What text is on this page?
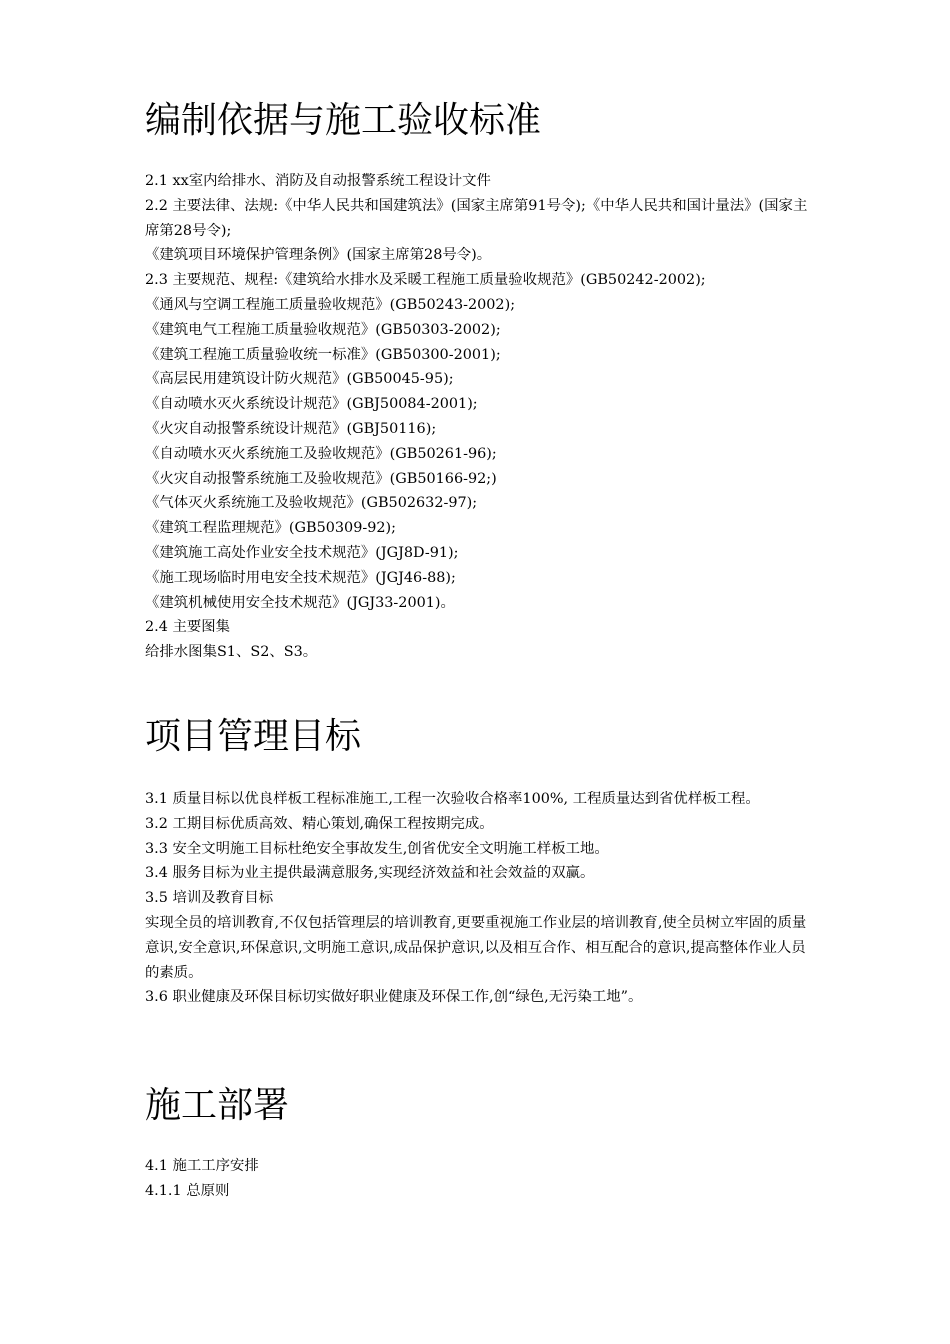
编制依据与施工验收标准

2.1 xx室内给排水、消防及自动报警系统工程设计文件

2.2 主要法律、法规:《中华人民共和国建筑法》(国家主席第91号令);《中华人民共和国计量法》(国家主席第28号令);

《建筑项目环境保护管理条例》(国家主席第28号令)。

2.3 主要规范、规程:《建筑给水排水及采暖工程施工质量验收规范》(GB50242-2002);

《通风与空调工程施工质量验收规范》(GB50243-2002);

《建筑电气工程施工质量验收规范》(GB50303-2002);

《建筑工程施工质量验收统一标准》(GB50300-2001);

《高层民用建筑设计防火规范》(GB50045-95);

《自动喷水灭火系统设计规范》(GBJ50084-2001);

《火灾自动报警系统设计规范》(GBJ50116);

《自动喷水灭火系统施工及验收规范》(GB50261-96);

《火灾自动报警系统施工及验收规范》(GB50166-92;)

《气体灭火系统施工及验收规范》(GB502632-97);

《建筑工程监理规范》(GB50309-92);

《建筑施工高处作业安全技术规范》(JGJ8D-91);

《施工现场临时用电安全技术规范》(JGJ46-88);

《建筑机械使用安全技术规范》(JGJ33-2001)。

2.4 主要图集

给排水图集S1、S2、S3。

项目管理目标

3.1 质量目标以优良样板工程标准施工,工程一次验收合格率100%, 工程质量达到省优样板工程。

3.2 工期目标优质高效、精心策划,确保工程按期完成。

3.3 安全文明施工目标杜绝安全事故发生,创省优安全文明施工样板工地。

3.4 服务目标为业主提供最满意服务,实现经济效益和社会效益的双赢。

3.5 培训及教育目标

实现全员的培训教育,不仅包括管理层的培训教育,更要重视施工作业层的培训教育,使全员树立牢固的质量意识,安全意识,环保意识,文明施工意识,成品保护意识,以及相互合作、相互配合的意识,提高整体作业人员的素质。

3.6 职业健康及环保目标切实做好职业健康及环保工作,创“绿色,无污染工地”。

施工部署

4.1 施工工序安排

4.1.1 总原则
